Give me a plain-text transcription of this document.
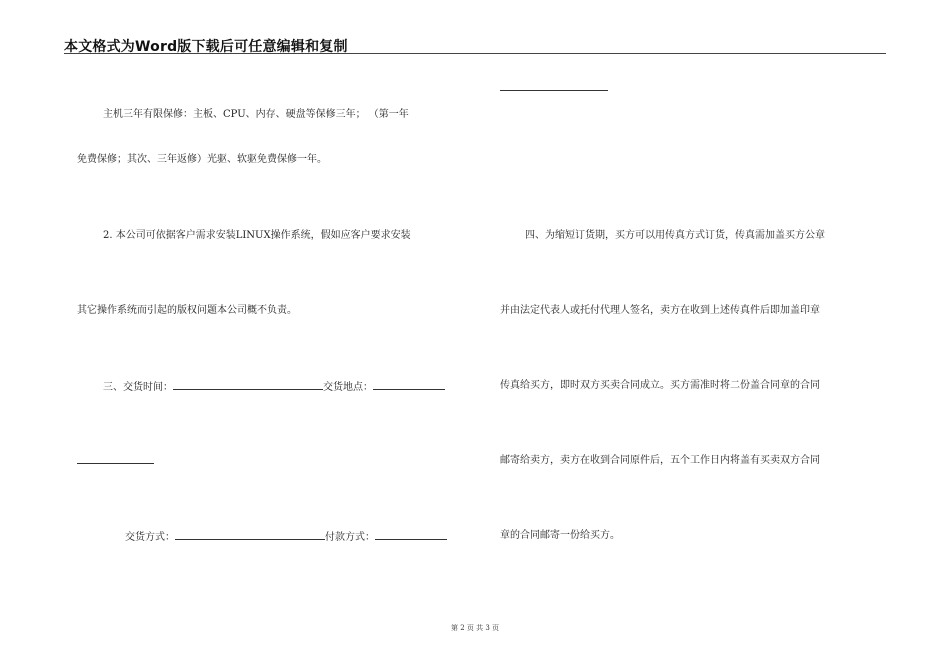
本文格式为Word版下载后可任意编辑和复制
主机三年有限保修：主板、CPU、内存、硬盘等保修三年； （第一年
免费保修；其次、三年返修）光驱、软驱免费保修一年。
2. 本公司可依据客户需求安装LINUX操作系统，假如应客户要求安装
其它操作系统而引起的版权问题本公司概不负责。
三、交货时间：	交货地点：
交货方式：	付款方式：
四、为缩短订货期，买方可以用传真方式订货，传真需加盖买方公章
并由法定代表人或托付代理人签名，卖方在收到上述传真件后即加盖印章
传真给买方，即时双方买卖合同成立。买方需准时将二份盖合同章的合同
邮寄给卖方，卖方在收到合同原件后，五个工作日内将盖有买卖双方合同
章的合同邮寄一份给买方。
第 2 页 共 3 页
